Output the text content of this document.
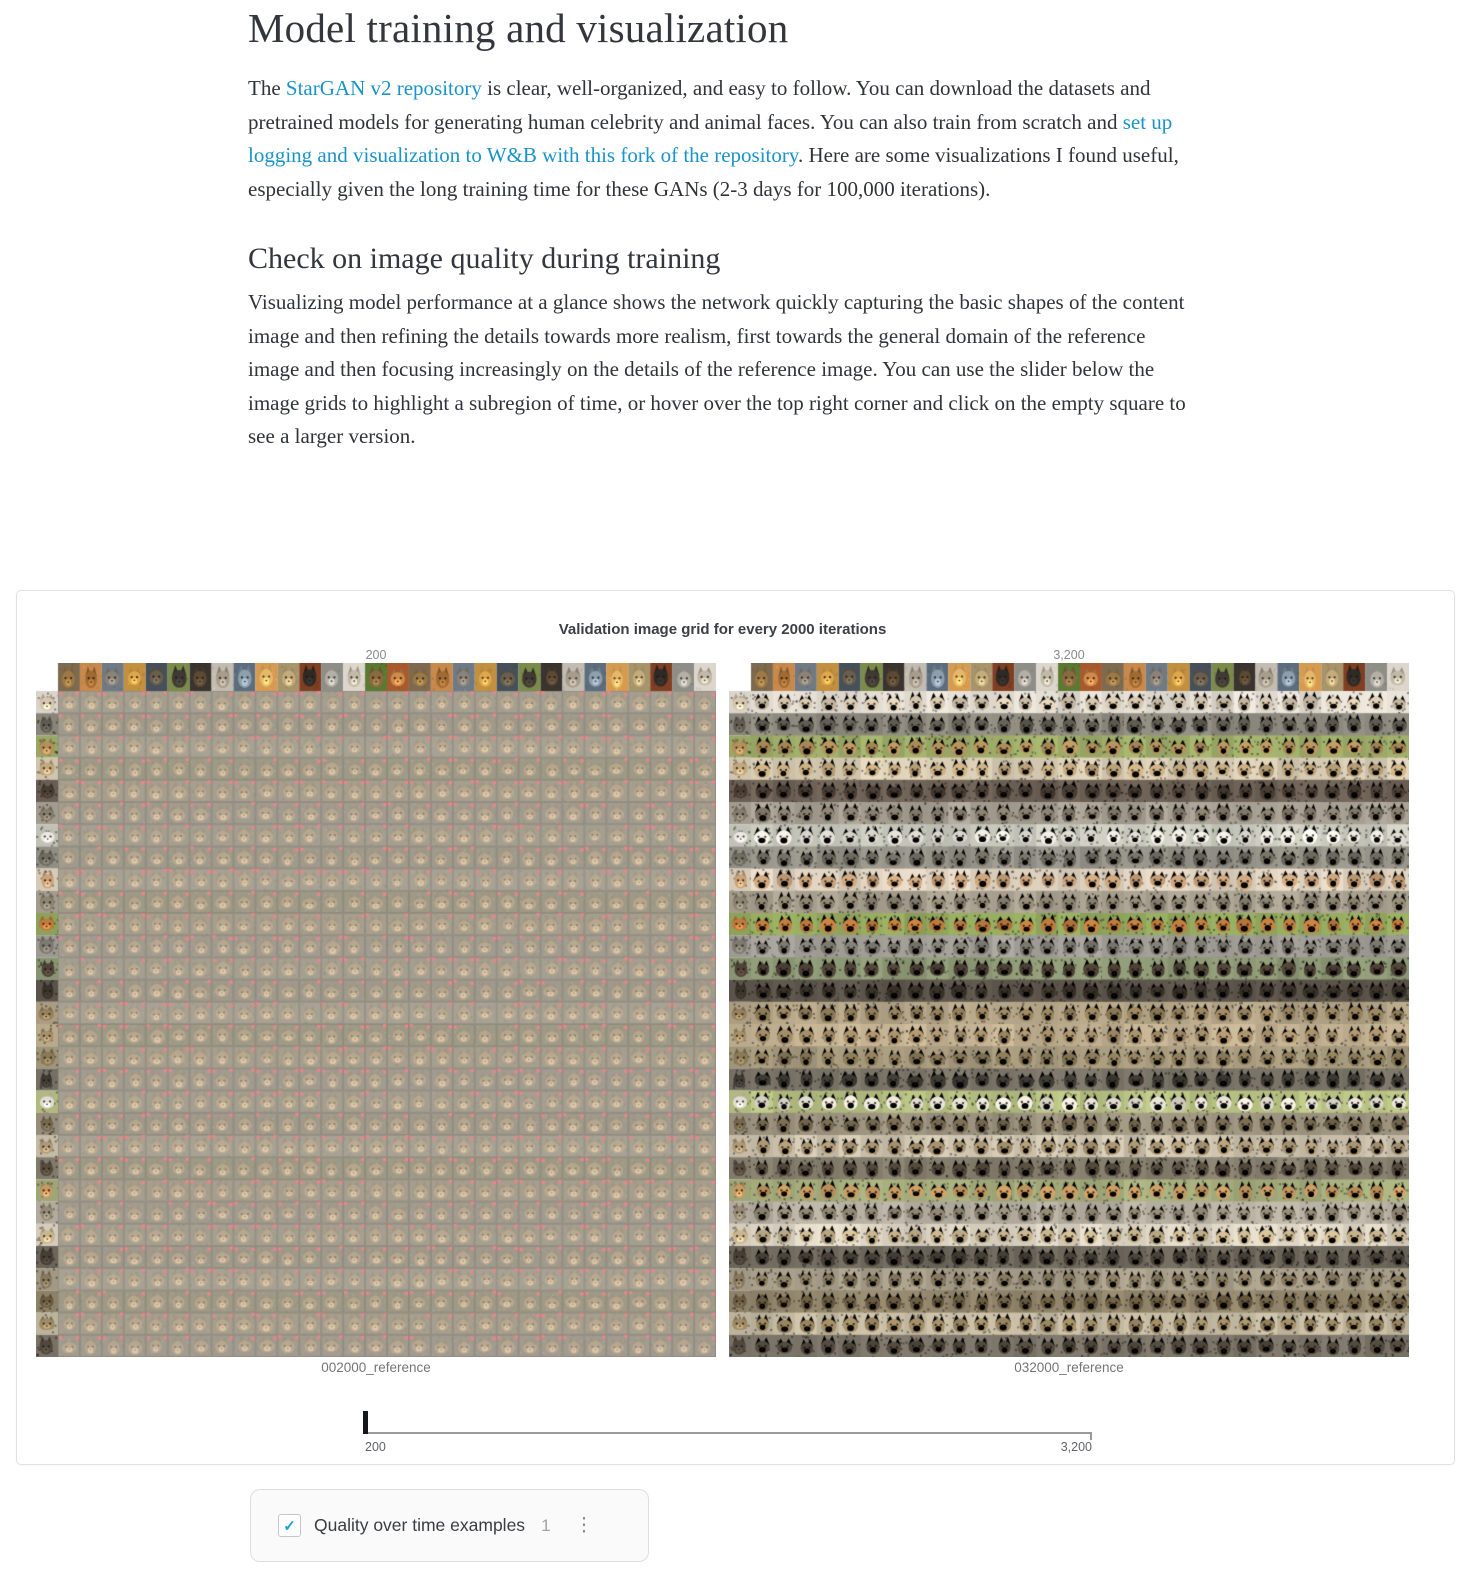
Model training and visualization

The StarGAN v2 repository is clear, well-organized, and easy to follow. You can download the datasets and pretrained models for generating human celebrity and animal faces. You can also train from scratch and set up logging and visualization to W&B with this fork of the repository. Here are some visualizations I found useful, especially given the long training time for these GANs (2-3 days for 100,000 iterations).

Check on image quality during training

Visualizing model performance at a glance shows the network quickly capturing the basic shapes of the content image and then refining the details towards more realism, first towards the general domain of the reference image and then focusing increasingly on the details of the reference image. You can use the slider below the image grids to highlight a subregion of time, or hover over the top right corner and click on the empty square to see a larger version.

Validation image grid for every 2000 iterations
200	3,200
002000_reference	032000_reference
200	3,200
✓ Quality over time examples 1 ⋮
